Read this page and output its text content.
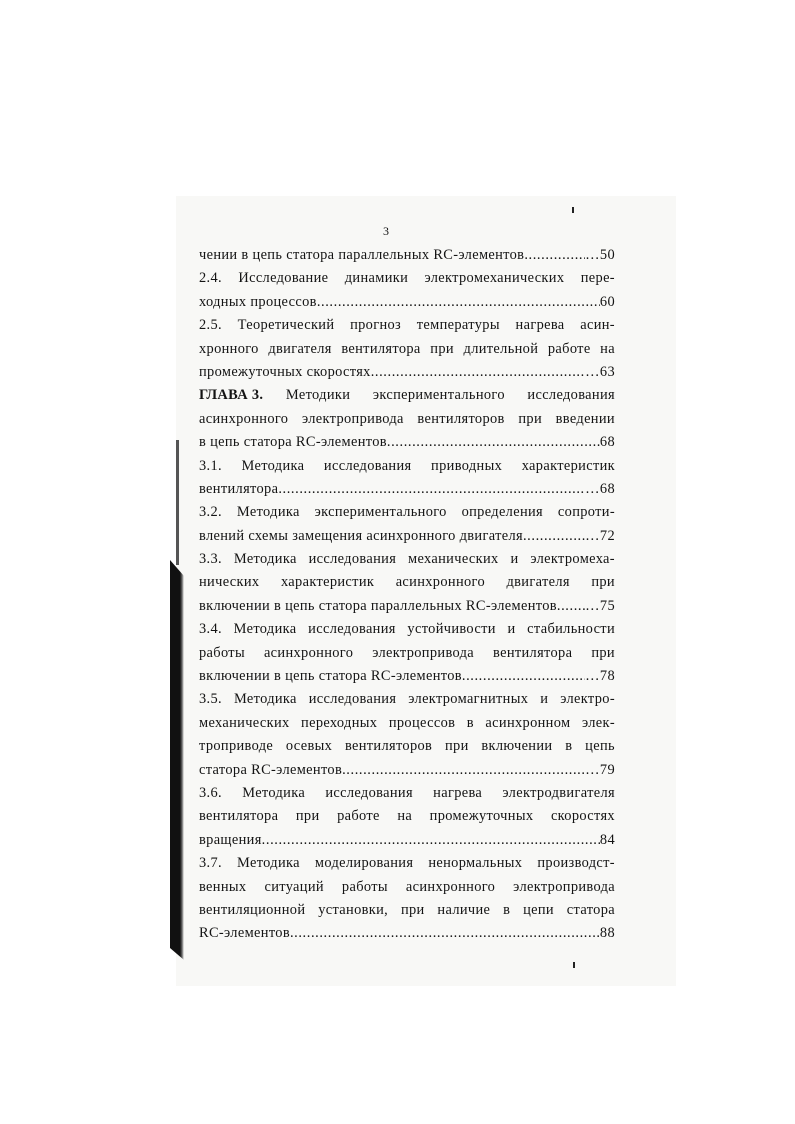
3
чении в цепь статора параллельных RC-элементов .....	…50
2.4. Исследование динамики электромеханических пере-
ходных процессов .....	60
2.5. Теоретический прогноз температуры нагрева асин-
хронного двигателя вентилятора при длительной работе на
промежуточных скоростях .....	…63
ГЛАВА 3. Методики экспериментального исследования
асинхронного электропривода вентиляторов при введении
в цепь статора RC-элементов .....	68
3.1. Методика исследования приводных характеристик
вентилятора .....	…68
3.2. Методика экспериментального определения сопроти-
влений схемы замещения асинхронного двигателя .....	…72
3.3. Методика исследования механических и электромеха-
нических характеристик асинхронного двигателя при
включении в цепь статора параллельных RC-элементов ..... …75
3.4. Методика исследования устойчивости и стабильности
работы асинхронного электропривода вентилятора при
включении в цепь статора RC-элементов .....	…78
3.5. Методика исследования электромагнитных и электро-
механических переходных процессов в асинхронном элек-
троприводе осевых вентиляторов при включении в цепь
статора RC-элементов .....	…79
3.6. Методика исследования нагрева электродвигателя
вентилятора при работе на промежуточных скоростях
вращения .....	84
3.7. Методика моделирования ненормальных производст-
венных ситуаций работы асинхронного электропривода
вентиляционной установки, при наличие в цепи статора
RC-элементов .....	88
